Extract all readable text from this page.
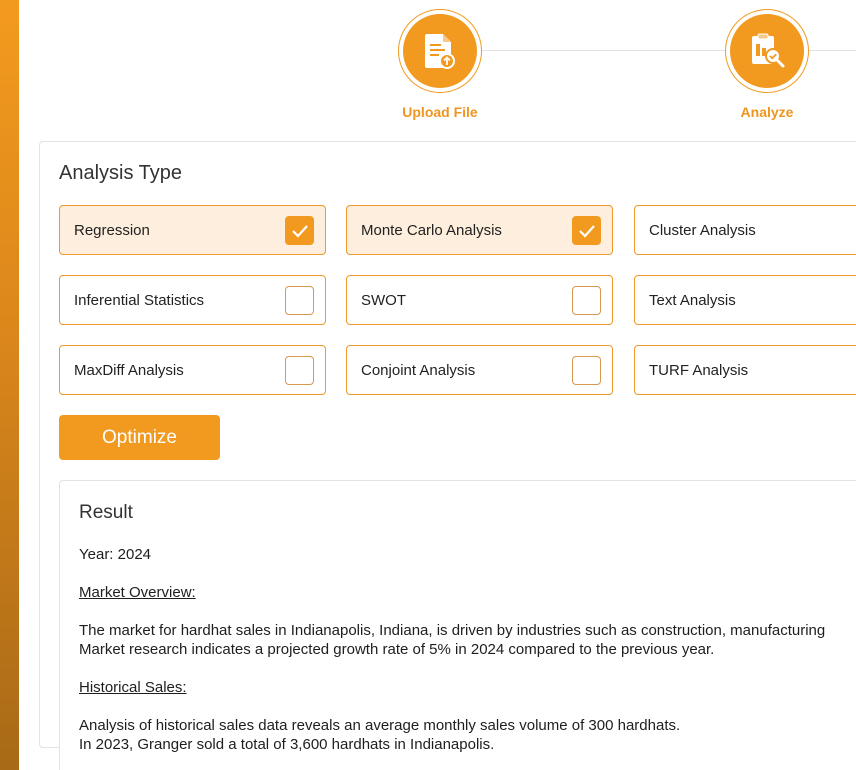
Upload File	Analyze
Analysis Type
Regression	Monte Carlo Analysis	Cluster Analysis
Inferential Statistics	SWOT	Text Analysis
MaxDiff Analysis	Conjoint Analysis	TURF Analysis
Optimize
Result
Year: 2024
Market Overview:
The market for hardhat sales in Indianapolis, Indiana, is driven by industries such as construction, manufacturing
Market research indicates a projected growth rate of 5% in 2024 compared to the previous year.
Historical Sales:
Analysis of historical sales data reveals an average monthly sales volume of 300 hardhats.
In 2023, Granger sold a total of 3,600 hardhats in Indianapolis.
